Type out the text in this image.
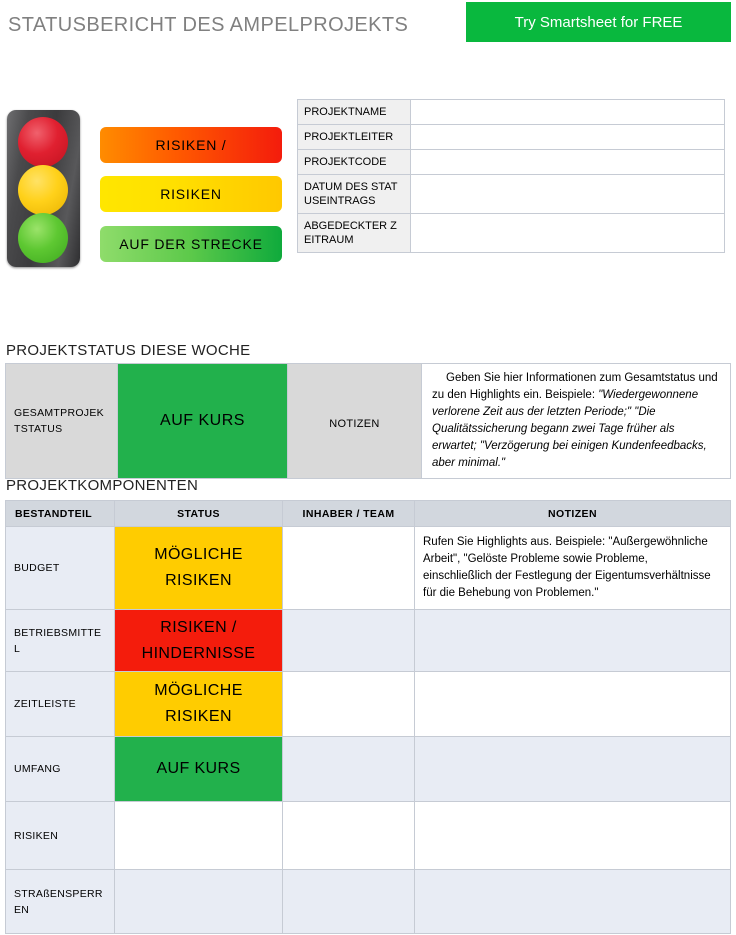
STATUSBERICHT DES AMPELPROJEKTS	Try Smartsheet for FREE
RISIKEN /
RISIKEN
AUF DER STRECKE
PROJEKTNAME	
PROJEKTLEITER	
PROJEKTCODE	
DATUM DES STATUSEINTRAGS	
ABGEDECKTER ZEITRAUM	
PROJEKTSTATUS DIESE WOCHE
GESAMTPROJEKTSTATUS	AUF KURS	NOTIZEN	Geben Sie hier Informationen zum Gesamtstatus und zu den Highlights ein. Beispiele: "Wiedergewonnene verlorene Zeit aus der letzten Periode;" "Die Qualitätssicherung begann zwei Tage früher als erwartet; "Verzögerung bei einigen Kundenfeedbacks, aber minimal."
PROJEKTKOMPONENTEN
BESTANDTEIL	STATUS	INHABER / TEAM	NOTIZEN
BUDGET	MÖGLICHE RISIKEN		Rufen Sie Highlights aus. Beispiele: "Außergewöhnliche Arbeit", "Gelöste Probleme sowie Probleme, einschließlich der Festlegung der Eigentumsverhältnisse für die Behebung von Problemen."
BETRIEBSMITTEL	RISIKEN / HINDERNISSE		
ZEITLEISTE	MÖGLICHE RISIKEN		
UMFANG	AUF KURS		
RISIKEN			
STRAßENSPERREN			
